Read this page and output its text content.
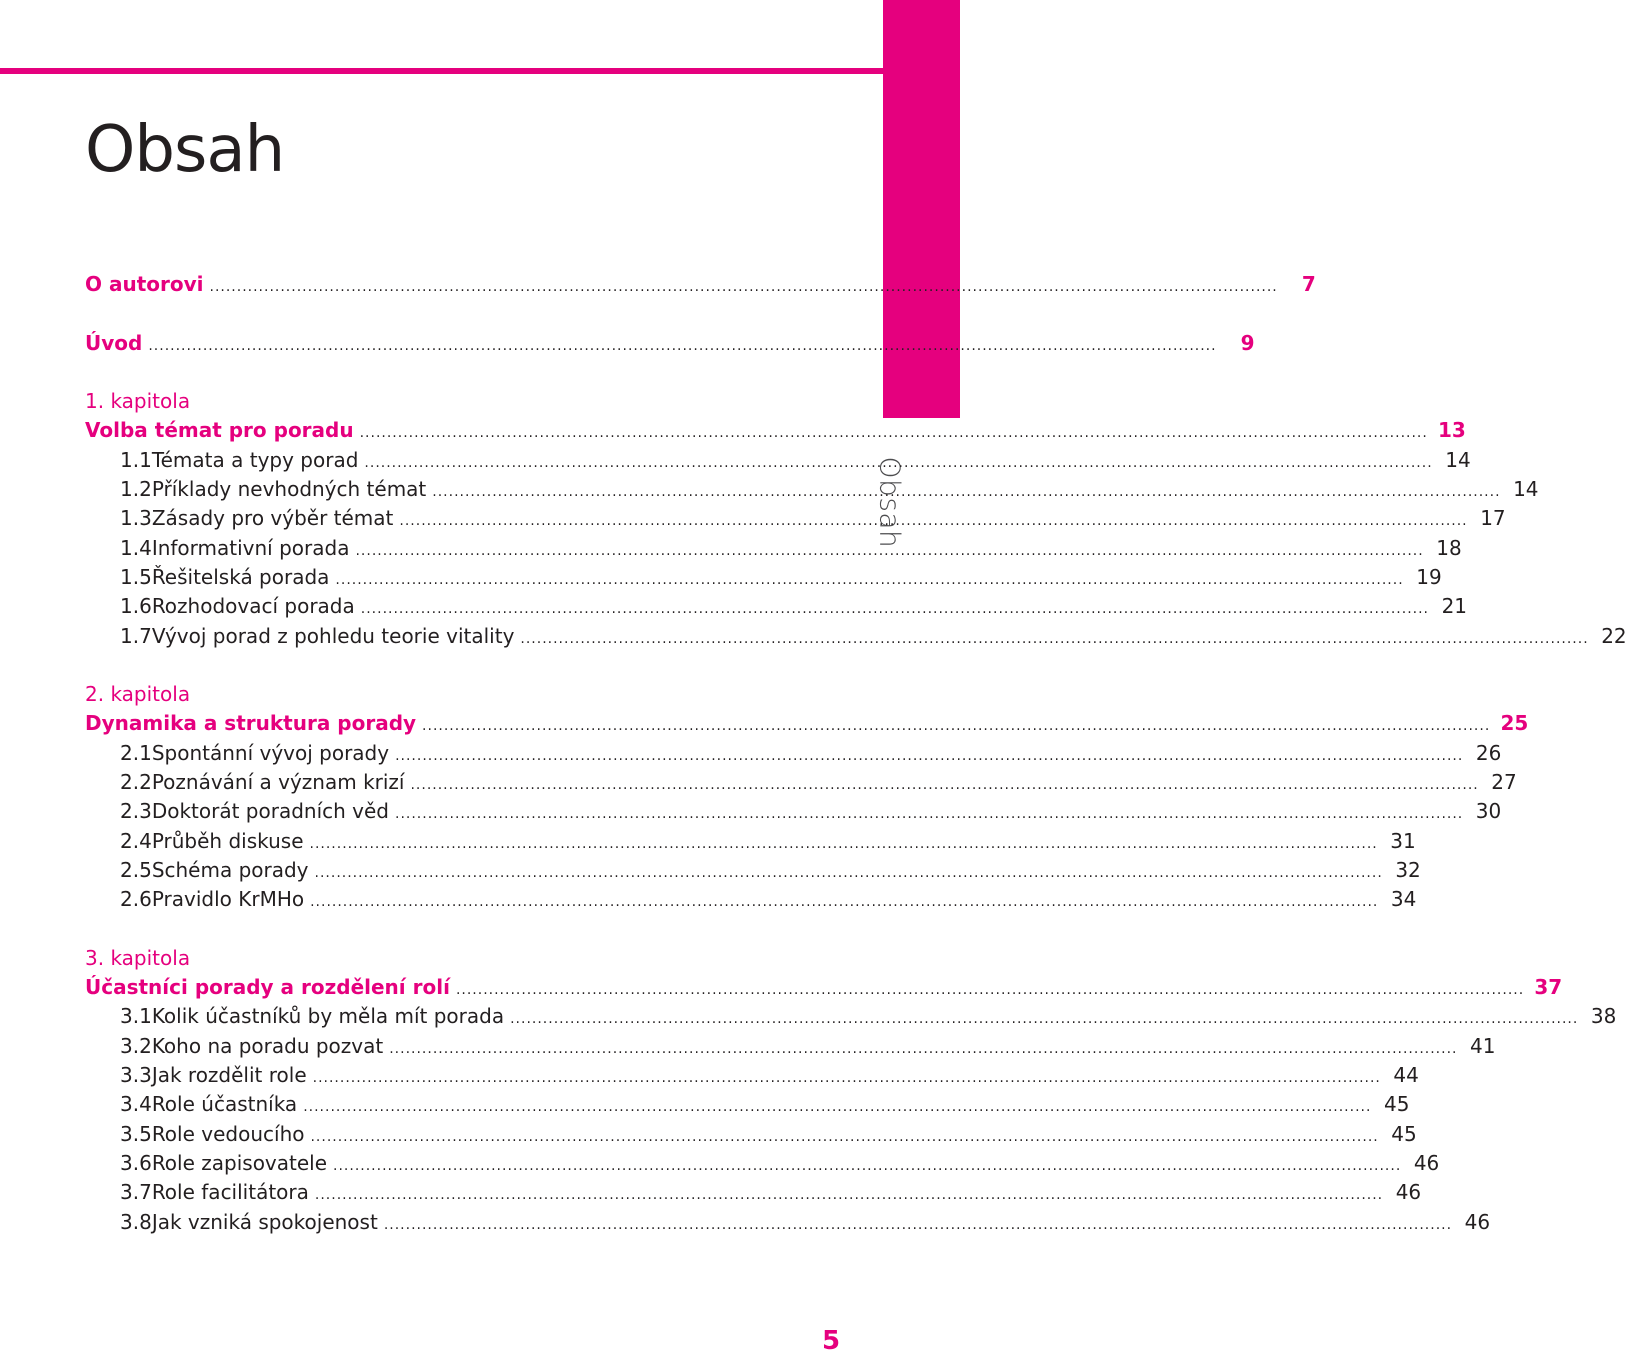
Obsah
Obsah
O autorovi ....................................................................................................................................................................................................	7
Úvod ....................................................................................................................................................................................................	9
1. kapitola
Volba témat pro poradu .................................................................................................................................................................................................... 13
1.1 Témata a typy porad .................................................................................................................................................................................................... 14
1.2 Příklady nevhodných témat .................................................................................................................................................................................................... 14
1.3 Zásady pro výběr témat .................................................................................................................................................................................................... 17
1.4 Informativní porada .................................................................................................................................................................................................... 18
1.5 Řešitelská porada .................................................................................................................................................................................................... 19
1.6 Rozhodovací porada .................................................................................................................................................................................................... 21
1.7 Vývoj porad z pohledu teorie vitality .................................................................................................................................................................................................... 22
2. kapitola
Dynamika a struktura porady .................................................................................................................................................................................................... 25
2.1 Spontánní vývoj porady .................................................................................................................................................................................................... 26
2.2 Poznávání a význam krizí .................................................................................................................................................................................................... 27
2.3 Doktorát poradních věd .................................................................................................................................................................................................... 30
2.4 Průběh diskuse .................................................................................................................................................................................................... 31
2.5 Schéma porady .................................................................................................................................................................................................... 32
2.6 Pravidlo KrMHo .................................................................................................................................................................................................... 34
3. kapitola
Účastníci porady a rozdělení rolí .................................................................................................................................................................................................... 37
3.1 Kolik účastníků by měla mít porada .................................................................................................................................................................................................... 38
3.2 Koho na poradu pozvat .................................................................................................................................................................................................... 41
3.3 Jak rozdělit role .................................................................................................................................................................................................... 44
3.4 Role účastníka .................................................................................................................................................................................................... 45
3.5 Role vedoucího .................................................................................................................................................................................................... 45
3.6 Role zapisovatele .................................................................................................................................................................................................... 46
3.7 Role facilitátora .................................................................................................................................................................................................... 46
3.8 Jak vzniká spokojenost .................................................................................................................................................................................................... 46
5
